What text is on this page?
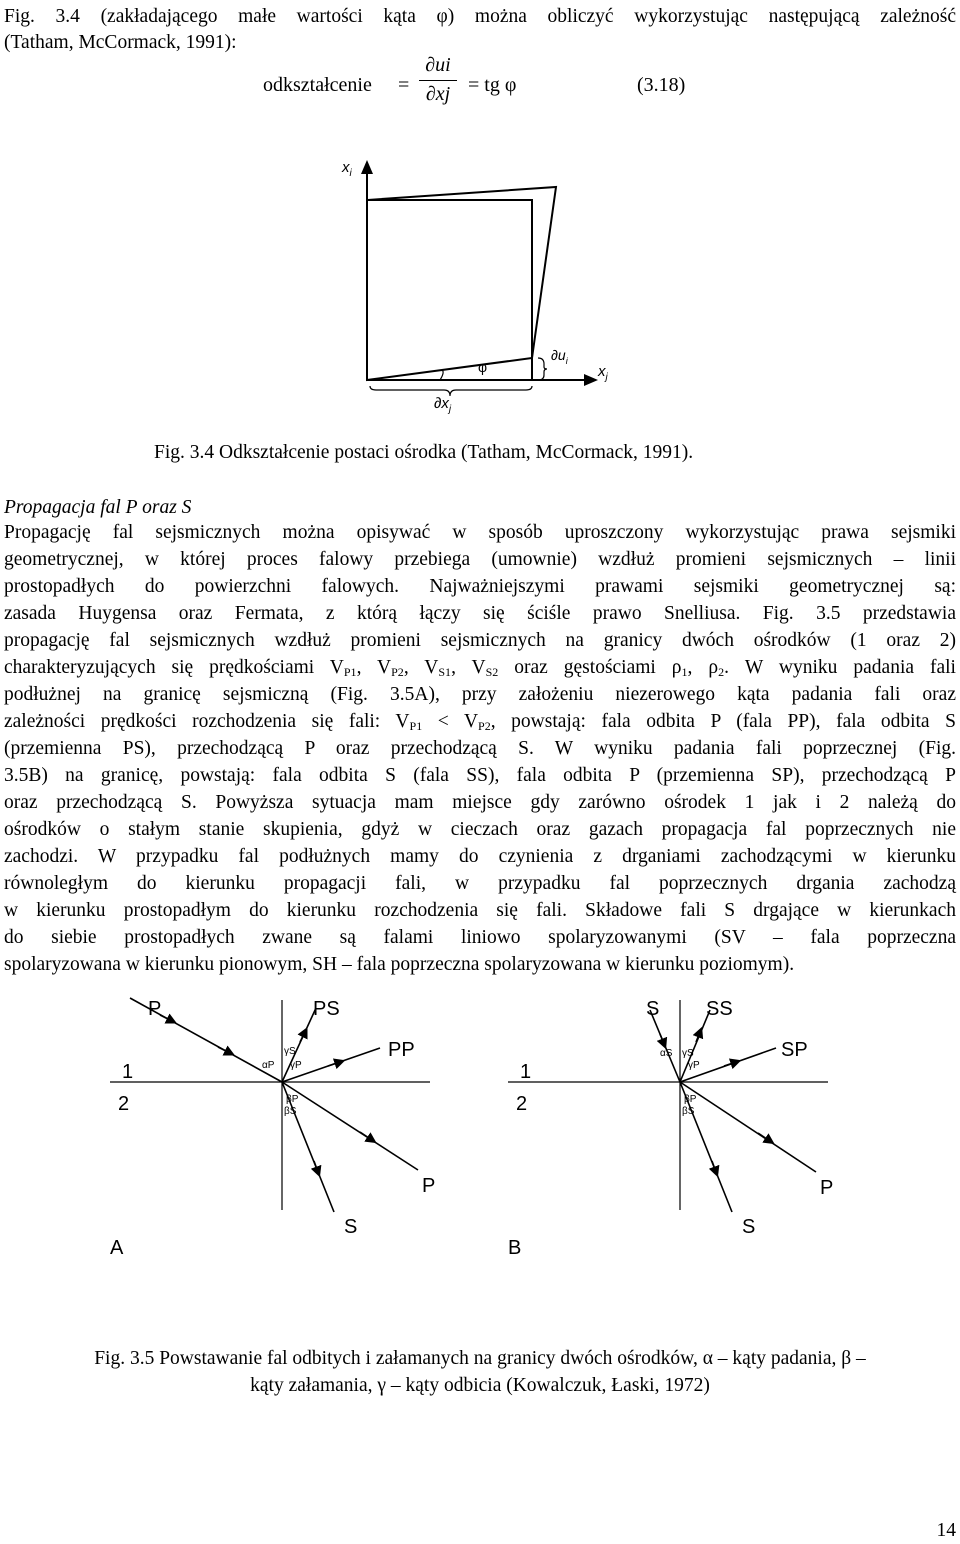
Fig. 3.4 (zakładającego małe wartości kąta φ) można obliczyć wykorzystując następującą zależność
(Tatham, McCormack, 1991):
odkształcenie =
∂ui
∂xj = tg φ	(3.18)
$x_i$
$x_j$
φ
$\partial u_i$
$\partial x_j$
Fig. 3.4 Odkształcenie postaci ośrodka (Tatham, McCormack, 1991).
Propagacja fal P oraz S
Propagację fal sejsmicznych można opisywać w sposób uproszczony wykorzystując prawa sejsmiki
geometrycznej, w której proces falowy przebiega (umownie) wzdłuż promieni sejsmicznych – linii
prostopadłych do powierzchni falowych. Najważniejszymi prawami sejsmiki geometrycznej są:
zasada Huygensa oraz Fermata, z którą łączy się ściśle prawo Snelliusa. Fig. 3.5 przedstawia
propagację fal sejsmicznych wzdłuż promieni sejsmicznych na granicy dwóch ośrodków (1 oraz 2)
charakteryzujących się prędkościami $V_{P1}$, $V_{P2}$, $V_{S1}$, $V_{S2}$ oraz gęstościami $\rho_1$, $\rho_2$. W wyniku padania fali
podłużnej na granicę sejsmiczną (Fig. 3.5A), przy założeniu niezerowego kąta padania fali oraz
zależności prędkości rozchodzenia się fali: $V_{P1} < V_{P2}$, powstają: fala odbita P (fala PP), fala odbita S
(przemienna PS), przechodzącą P oraz przechodzącą S. W wyniku padania fali poprzecznej (Fig.
3.5B) na granicę, powstają: fala odbita S (fala SS), fala odbita P (przemienna SP), przechodzącą P
oraz przechodzącą S. Powyższa sytuacja mam miejsce gdy zarówno ośrodek 1 jak i 2 należą do
ośrodków o stałym stanie skupienia, gdyż w cieczach oraz gazach propagacja fal poprzecznych nie
zachodzi. W przypadku fal podłużnych mamy do czynienia z drganiami zachodzącymi w kierunku
równoległym do kierunku propagacji fali, w przypadku fal poprzecznych drgania zachodzą
w kierunku prostopadłym do kierunku rozchodzenia się fali. Składowe fali S drgające w kierunkach
do siebie prostopadłych zwane są falami liniowo spolaryzowanymi (SV – fala poprzeczna
spolaryzowana w kierunku pionowym, SH – fala poprzeczna spolaryzowana w kierunku poziomym).
P	PS
PP
P
S
1
2
A
αP
γS
γP
βP
βS
S SS
SP
P
S
1
2
B
αS γS
γP
βP
βS
Fig. 3.5 Powstawanie fal odbitych i załamanych na granicy dwóch ośrodków, α – kąty padania, β –
kąty załamania, γ – kąty odbicia (Kowalczuk, Łaski, 1972)
14
